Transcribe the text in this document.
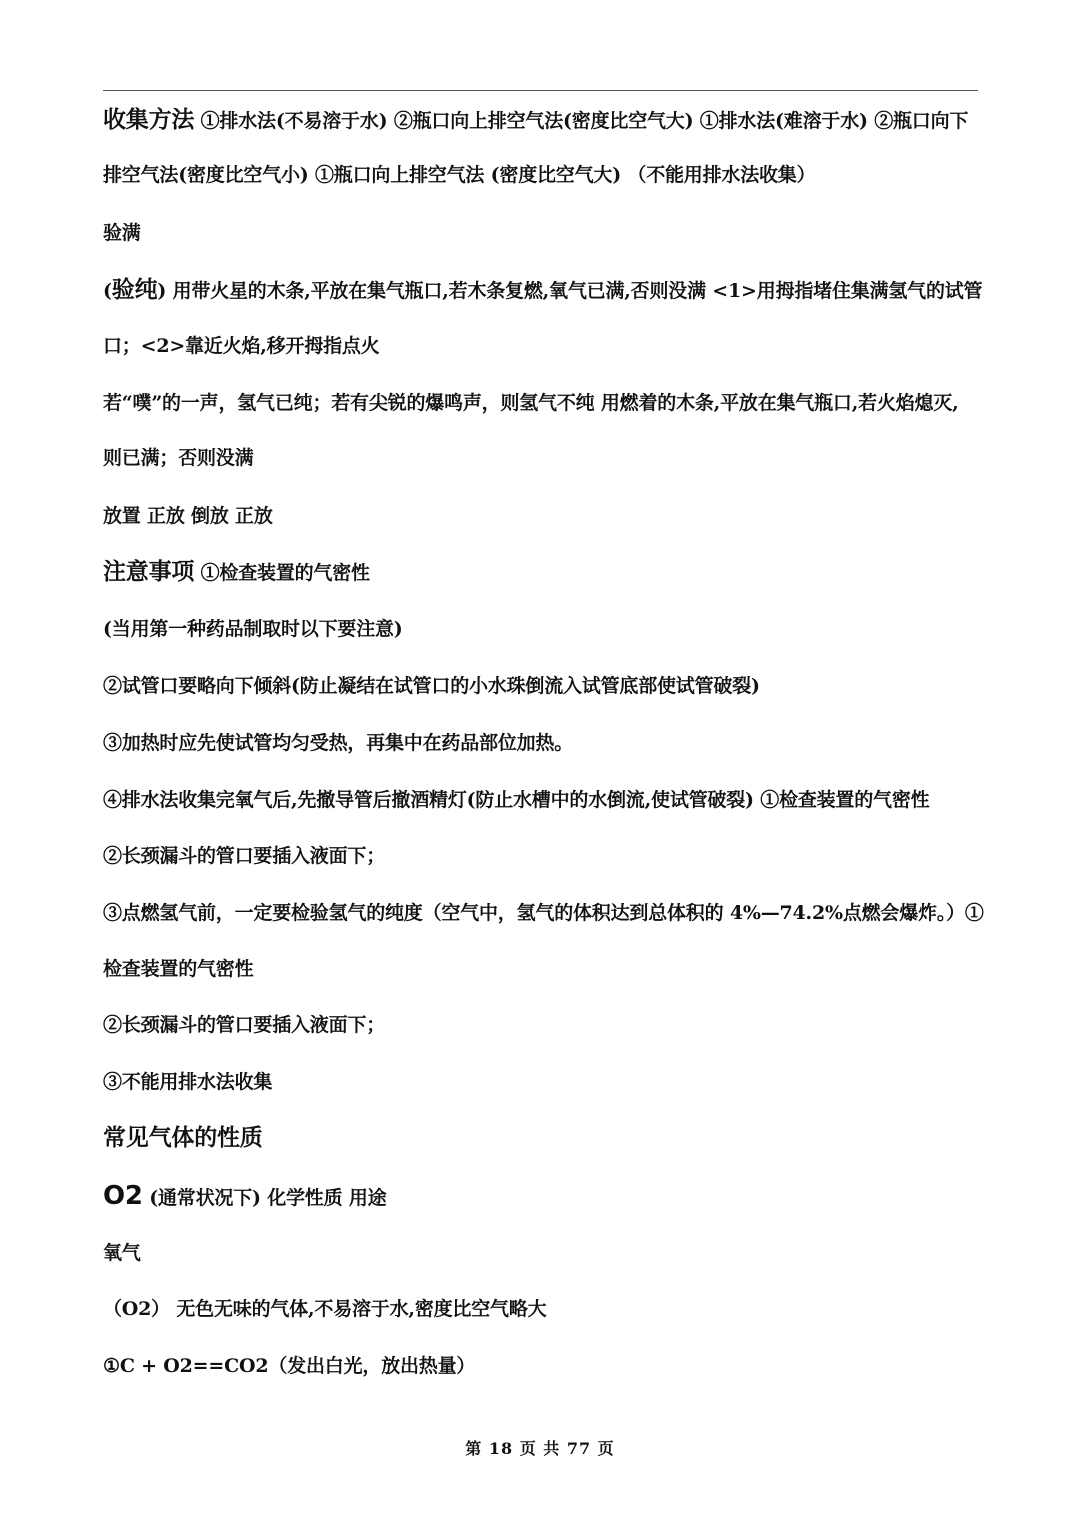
收集方法 ①排水法(不易溶于水) ②瓶口向上排空气法(密度比空气大) ①排水法(难溶于水) ②瓶口向下
排空气法(密度比空气小) ①瓶口向上排空气法 (密度比空气大) （不能用排水法收集）
验满
(验纯) 用带火星的木条,平放在集气瓶口,若木条复燃,氧气已满,否则没满 <1>用拇指堵住集满氢气的试管
口；<2>靠近火焰,移开拇指点火
若“噗”的一声，氢气已纯；若有尖锐的爆鸣声，则氢气不纯 用燃着的木条,平放在集气瓶口,若火焰熄灭,
则已满；否则没满
放置 正放 倒放 正放
注意事项 ①检查装置的气密性
(当用第一种药品制取时以下要注意)
②试管口要略向下倾斜(防止凝结在试管口的小水珠倒流入试管底部使试管破裂)
③加热时应先使试管均匀受热，再集中在药品部位加热。
④排水法收集完氧气后,先撤导管后撤酒精灯(防止水槽中的水倒流,使试管破裂) ①检查装置的气密性
②长颈漏斗的管口要插入液面下；
③点燃氢气前，一定要检验氢气的纯度（空气中，氢气的体积达到总体积的 4%—74.2%点燃会爆炸。）①
检查装置的气密性
②长颈漏斗的管口要插入液面下；
③不能用排水法收集
常见气体的性质
O2 (通常状况下) 化学性质 用途
氧气
（O2） 无色无味的气体,不易溶于水,密度比空气略大
①C + O2==CO2（发出白光，放出热量）
第 18 页 共 77 页
